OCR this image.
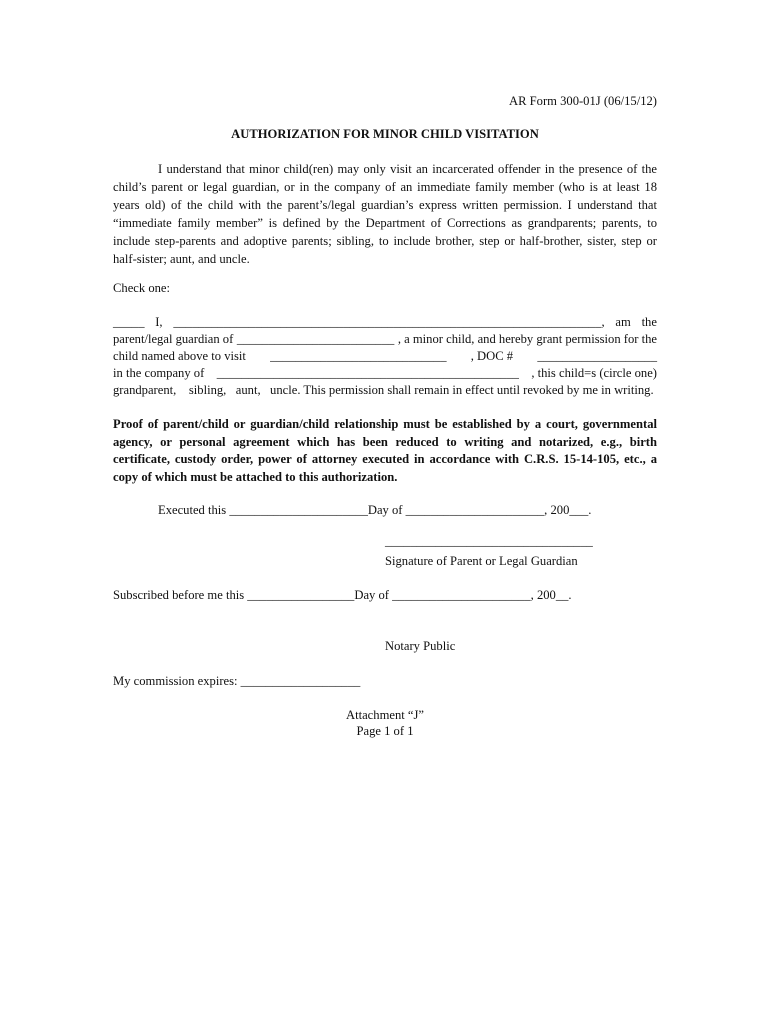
AR Form 300-01J (06/15/12)
AUTHORIZATION FOR MINOR CHILD VISITATION

I understand that minor child(ren) may only visit an incarcerated offender in the presence of the child’s parent or legal guardian, or in the company of an immediate family member (who is at least 18 years old) of the child with the parent’s/legal guardian’s express written permission. I understand that “immediate family member” is defined by the Department of Corrections as grandparents; parents, to include step-parents and adoptive parents; sibling, to include brother, step or half-brother, sister, step or half-sister; aunt, and uncle.

Check one:
_____ I, ____________________________________________________________________, am the
parent/legal guardian of _________________________ , a minor child, and hereby grant permission for the
child named above to visit ____________________________ , DOC # ___________________
in the company of ________________________________________________ , this child=s (circle one)
grandparent,    sibling,   aunt,   uncle. This permission shall remain in effect until revoked by me in writing.

Proof of parent/child or guardian/child relationship must be established by a court, governmental agency, or personal agreement which has been reduced to writing and notarized, e.g., birth certificate, custody order, power of attorney executed in accordance with C.R.S. 15-14-105, etc., a copy of which must be attached to this authorization.

Executed this ______________________Day of ______________________, 200___.
_________________________________
Signature of Parent or Legal Guardian
Subscribed before me this _________________Day of ______________________, 200__.
Notary Public
My commission expires: ___________________
Attachment “J”
Page 1 of 1
